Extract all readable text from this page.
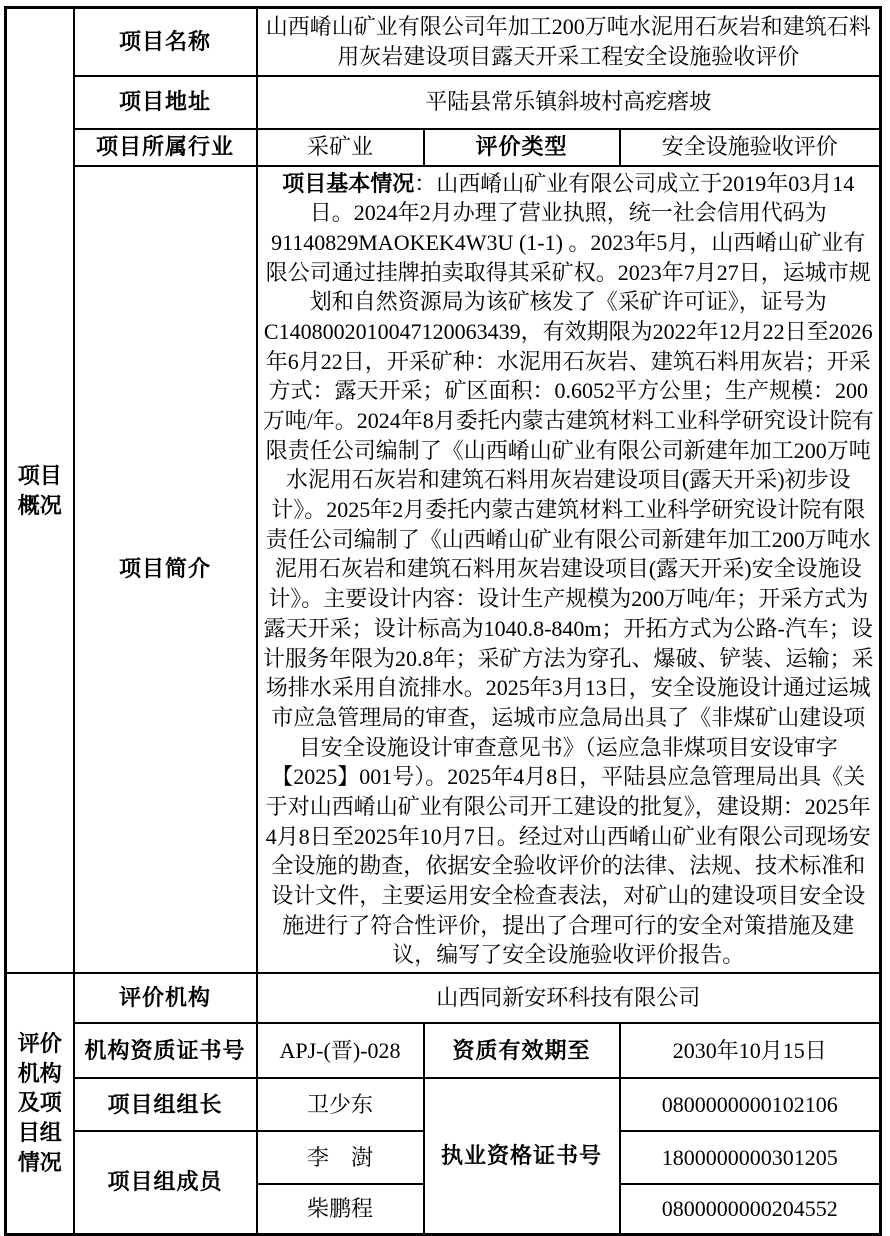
项目概况	项目名称	山西崤山矿业有限公司年加工200万吨水泥用石灰岩和建筑石料用灰岩建设项目露天开采工程安全设施验收评价		
	项目地址	平陆县常乐镇斜坡村高疙瘩坡		
	项目所属行业	采矿业	评价类型	安全设施验收评价
	项目简介	项目基本情况：山西崤山矿业有限公司成立于2019年03月14日。2024年2月办理了营业执照，统一社会信用代码为91140829MAOKEK4W3U (1-1) 。2023年5月，山西崤山矿业有限公司通过挂牌拍卖取得其采矿权。2023年7月27日，运城市规划和自然资源局为该矿核发了《采矿许可证》，证号为C1408002010047120063439，有效期限为2022年12月22日至2026年6月22日，开采矿种：水泥用石灰岩、建筑石料用灰岩；开采方式：露天开采；矿区面积：0.6052平方公里；生产规模：200万吨/年。2024年8月委托内蒙古建筑材料工业科学研究设计院有限责任公司编制了《山西崤山矿业有限公司新建年加工200万吨水泥用石灰岩和建筑石料用灰岩建设项目(露天开采)初步设计》。2025年2月委托内蒙古建筑材料工业科学研究设计院有限责任公司编制了《山西崤山矿业有限公司新建年加工200万吨水泥用石灰岩和建筑石料用灰岩建设项目(露天开采)安全设施设计》。主要设计内容：设计生产规模为200万吨/年；开采方式为露天开采；设计标高为1040.8-840m；开拓方式为公路-汽车；设计服务年限为20.8年；采矿方法为穿孔、爆破、铲装、运输；采场排水采用自流排水。2025年3月13日，安全设施设计通过运城市应急管理局的审查，运城市应急局出具了《非煤矿山建设项目安全设施设计审查意见书》（运应急非煤项目安设审字【2025】001号）。2025年4月8日，平陆县应急管理局出具《关于对山西崤山矿业有限公司开工建设的批复》，建设期：2025年4月8日至2025年10月7日。经过对山西崤山矿业有限公司现场安全设施的勘查，依据安全验收评价的法律、法规、技术标准和设计文件，主要运用安全检查表法，对矿山的建设项目安全设施进行了符合性评价，提出了合理可行的安全对策措施及建议，编写了安全设施验收评价报告。		
评价机构及项目组情况	评价机构	山西同新安环科技有限公司		
	机构资质证书号	APJ-(晋)-028	资质有效期至	2030年10月15日
	项目组组长	卫少东	执业资格证书号	0800000000102106
	项目组成员	李　澍		1800000000301205
		柴鹏程		0800000000204552
